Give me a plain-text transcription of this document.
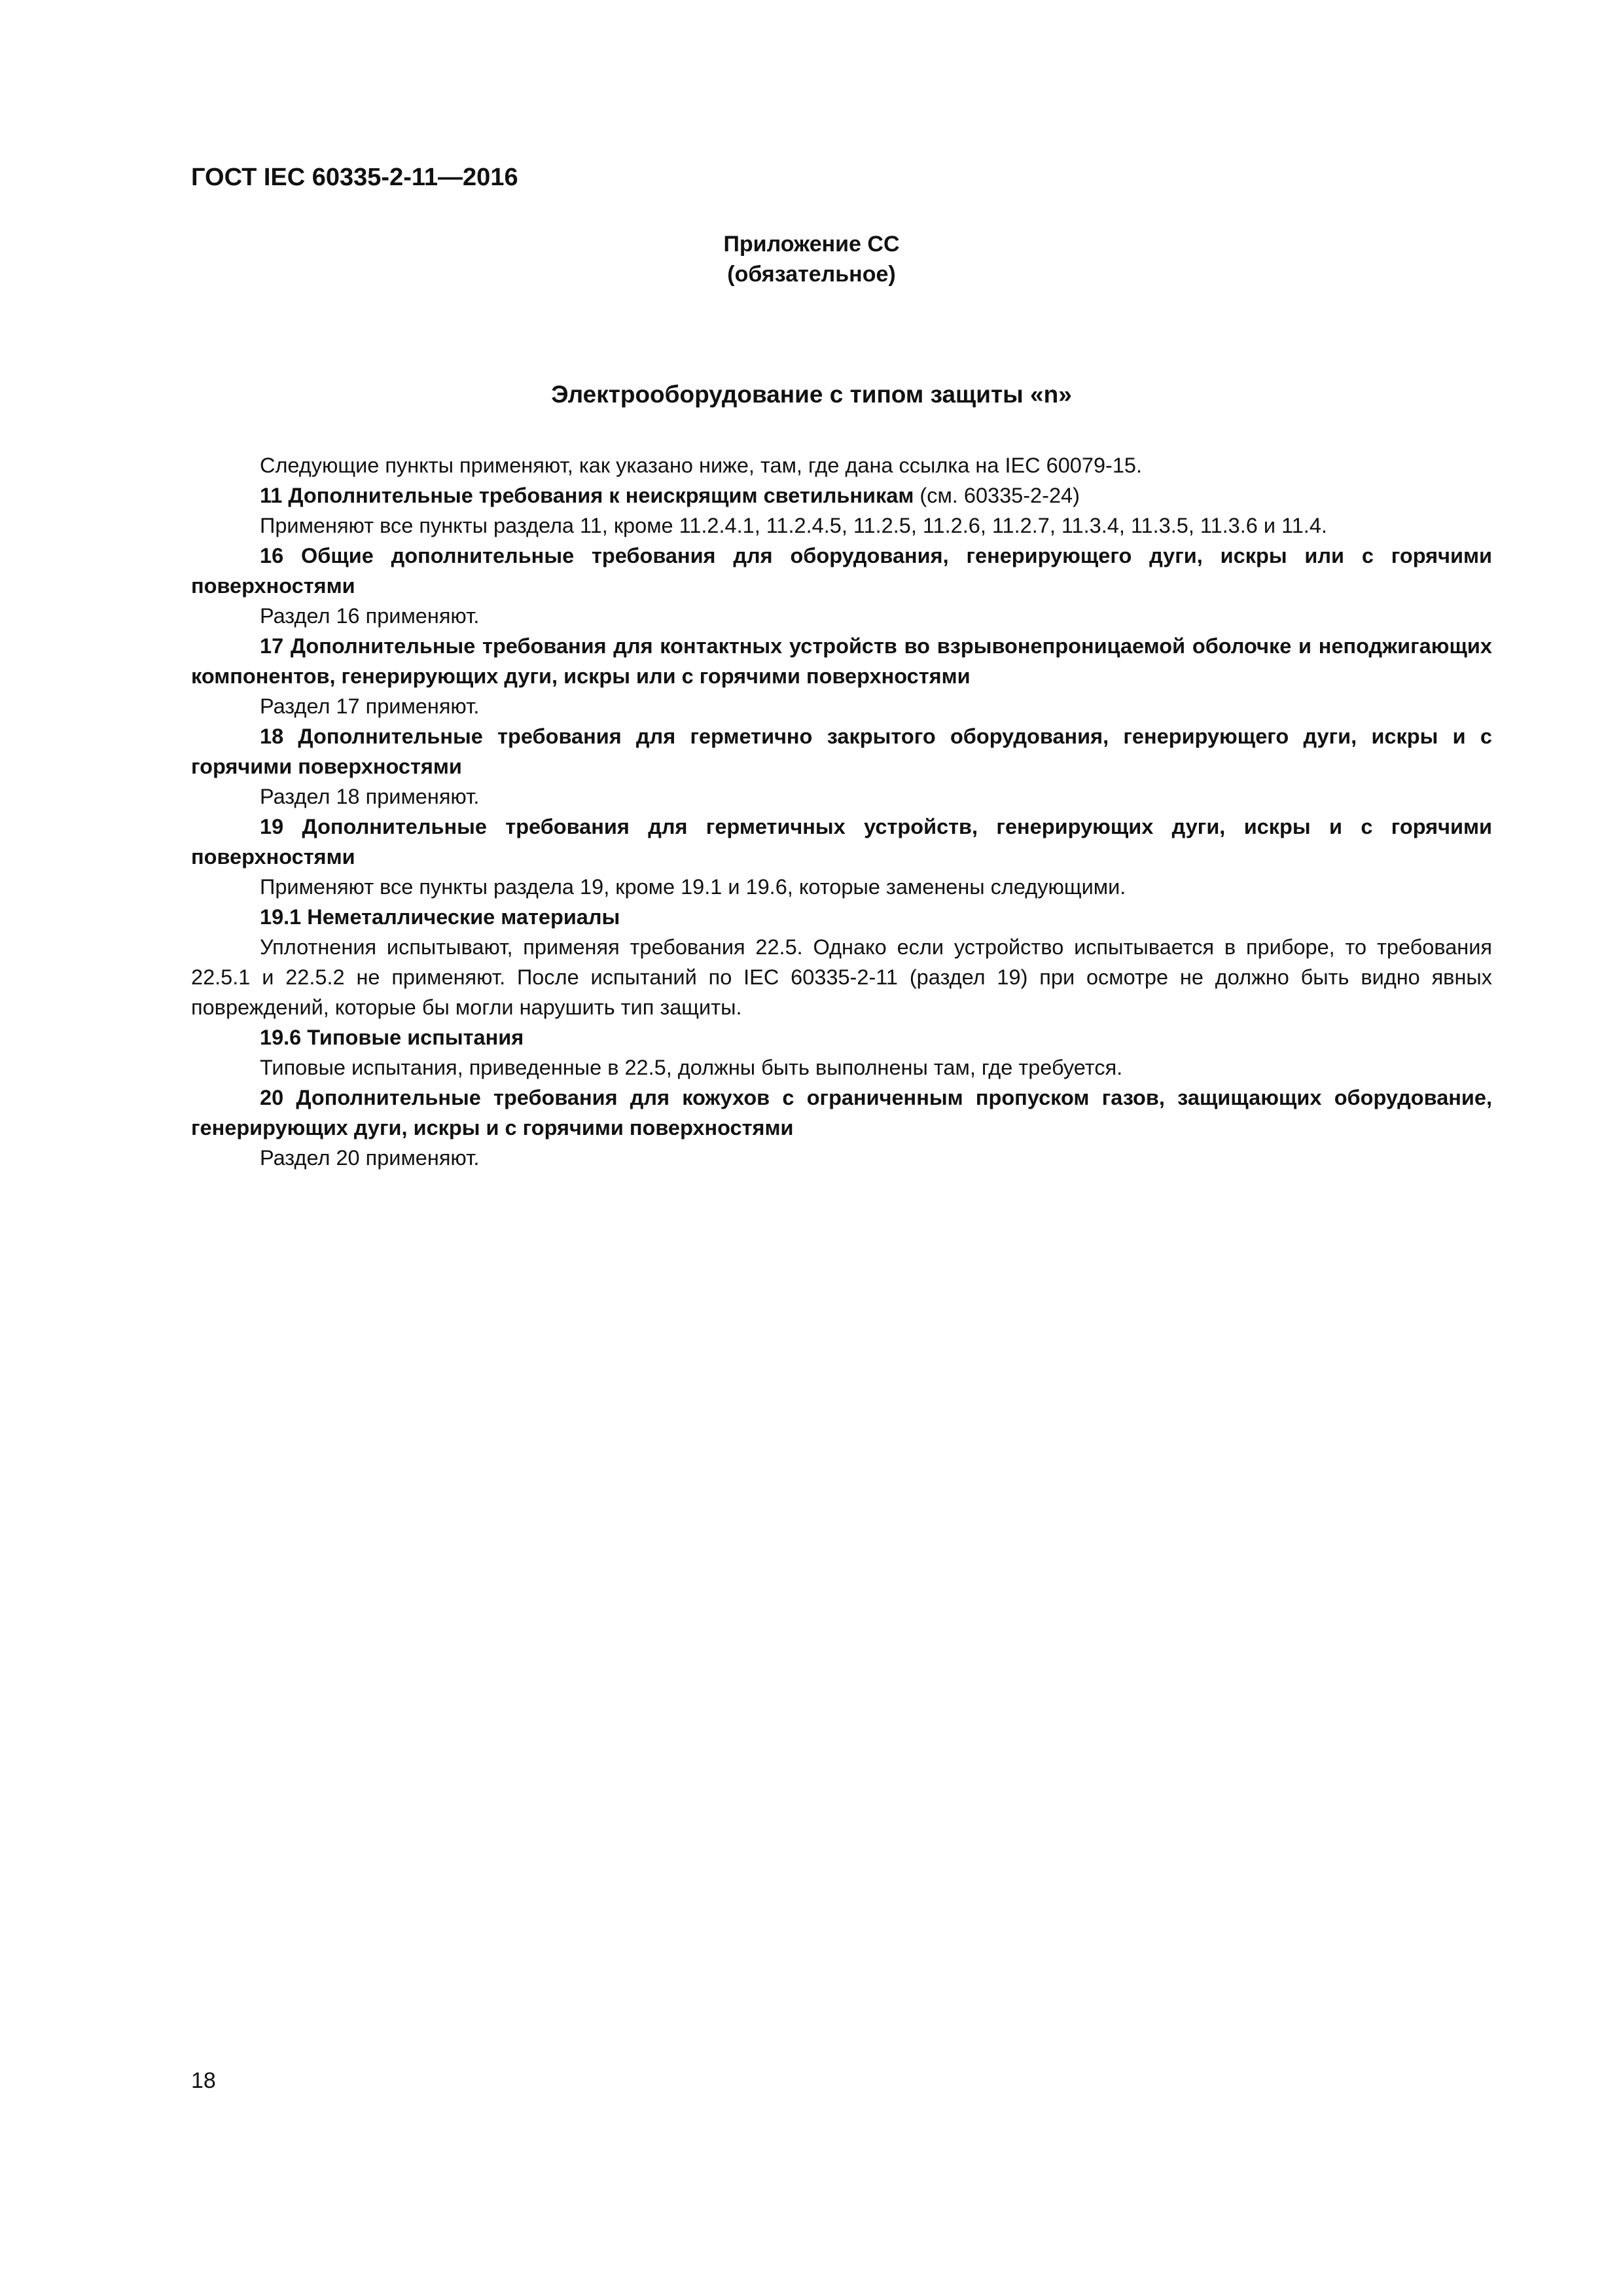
ГОСТ IEC 60335-2-11—2016
Приложение СС
(обязательное)
Электрооборудование с типом защиты «n»

Следующие пункты применяют, как указано ниже, там, где дана ссылка на IEC 60079-15.

11 Дополнительные требования к неискрящим светильникам (см. 60335-2-24)

Применяют все пункты раздела 11, кроме 11.2.4.1, 11.2.4.5, 11.2.5, 11.2.6, 11.2.7, 11.3.4, 11.3.5, 11.3.6 и 11.4.

16 Общие дополнительные требования для оборудования, генерирующего дуги, искры или с горячими поверхностями

Раздел 16 применяют.

17 Дополнительные требования для контактных устройств во взрывонепроницаемой оболочке и неподжигающих компонентов, генерирующих дуги, искры или с горячими поверхностями

Раздел 17 применяют.

18 Дополнительные требования для герметично закрытого оборудования, генерирующего дуги, искры и с горячими поверхностями

Раздел 18 применяют.

19 Дополнительные требования для герметичных устройств, генерирующих дуги, искры и с горячими поверхностями

Применяют все пункты раздела 19, кроме 19.1 и 19.6, которые заменены следующими.

19.1 Неметаллические материалы

Уплотнения испытывают, применяя требования 22.5. Однако если устройство испытывается в приборе, то требования 22.5.1 и 22.5.2 не применяют. После испытаний по IEC 60335-2-11 (раздел 19) при осмотре не должно быть видно явных повреждений, которые бы могли нарушить тип защиты.

19.6 Типовые испытания

Типовые испытания, приведенные в 22.5, должны быть выполнены там, где требуется.

20 Дополнительные требования для кожухов с ограниченным пропуском газов, защищающих оборудование, генерирующих дуги, искры и с горячими поверхностями

Раздел 20 применяют.

18
